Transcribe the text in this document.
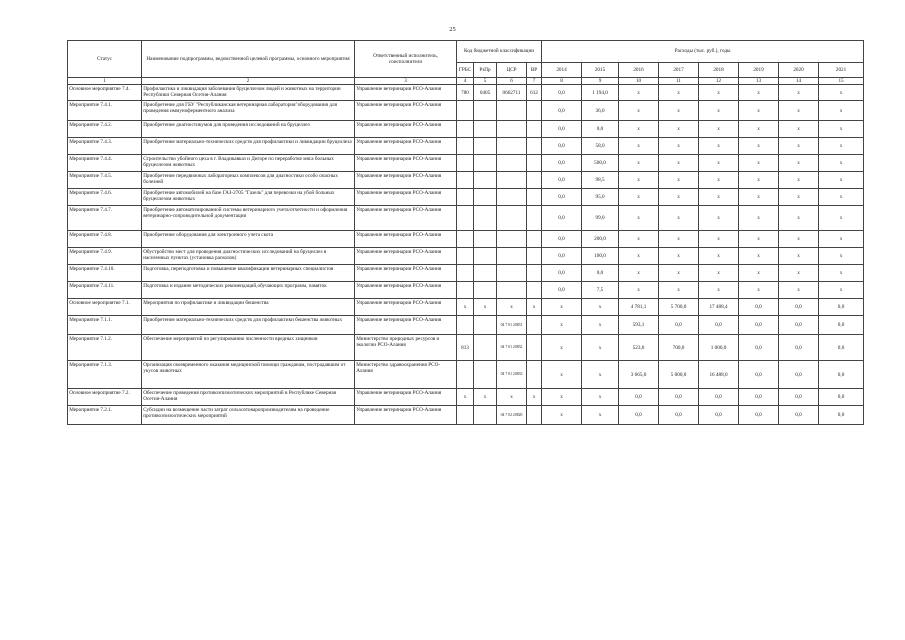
25
Статус	Наименование подпрограммы, ведомственной целевой программы, основного мероприятия	Ответственный исполнитель, соисполнители	Код бюджетной классификации				Расходы (тыс. руб.), годы							
			ГРБС	РзПр	ЦСР	ВР	2014	2015	2016	2017	2018	2019	2020	2021
1	2	3	4	5	6	7	8	9	10	11	12	13	14	15
Основное мероприятие 7.4.	Профилактика и ликвидация заболевания бруцеллезом людей и животных на территории Республики Северная Осетия-Алания	Управление ветеринарии РСО-Алания	780	0405	0662711	612	0,0	1 194,0	х	х	х	х	х	х
Мероприятие 7.4.1.	Приобретение для ГБУ "Республиканская ветеринарная лаборатория"оборудования для проведения иммуноферментного анализа	Управление ветеринарии РСО-Алания					0,0	36,0	х	х	х	х	х	х
Мероприятие 7.4.2.	Приобретение диагностикумов для проведения исследований на бруцеллез	Управление ветеринарии РСО-Алания					0,0	0,0	х	х	х	х	х	х
Мероприятие 7.4.3.	Приобретение материально-технических средств для профилактики и ликвидации бруцеллеза	Управление ветеринарии РСО-Алания					0,0	58,0	х	х	х	х	х	х
Мероприятие 7.4.4.	Строительство убойного цеха в г. Владикавказ и Дигоре по переработке мяса больных бруцеллезом животных	Управление ветеринарии РСО-Алания					0,0	500,0	х	х	х	х	х	х
Мероприятие 7.4.5.	Приобретение передвижных лабораторных комплексов для диагностики особо опасных болезней	Управление ветеринарии РСО-Алания					0,0	98,5	х	х	х	х	х	х
Мероприятие 7.4.6.	Приобретение автомобилей на базе ГАЗ-2705 "Газель" для перевозки на убой больных бруцеллезом животных	Управление ветеринарии РСО-Алания					0,0	95,0	х	х	х	х	х	х
Мероприятие 7.4.7.	Приобретение автоматизированной системы ветеринарного учета/отчетности и оформления ветеринарно-сопроводительной документации	Управление ветеринарии РСО-Алания					0,0	99,0	х	х	х	х	х	х
Мероприятие 7.4.8.	Приобретение оборудования для электронного учета скота	Управление ветеринарии РСО-Алания					0,0	200,0	х	х	х	х	х	х
Мероприятие 7.4.9.	Обустройство мест для проведения диагностических исследований на бруцеллез в населенных пунктах (установка расколов)	Управление ветеринарии РСО-Алания					0,0	100,0	х	х	х	х	х	х
Мероприятие 7.4.10.	Подготовка, переподготовка и повышение квалификации ветеринарных специалистов	Управление ветеринарии РСО-Алания					0,0	0,0	х	х	х	х	х	х
Мероприятие 7.4.11.	Подготовка и издание методических рекомендаций,обучающих программ, памяток	Управление ветеринарии РСО-Алания					0,0	7,5	х	х	х	х	х	х
Основное мероприятие 7.1.	Мероприятия по профилактике и ликвидации бешенства	Управление ветеринарии РСО-Алания	х	х	х	х	х	х	4 781,1	5 700,0	17 488,4	0,0	0,0	0,0
Мероприятие 7.1.1.	Приобретение материально-технических средств для профилактики бешенства животных	Управление ветеринарии РСО-Алания			04 7 01 20831		х	х	593,1	0,0	0,0	0,0	0,0	0,0
Мероприятие 7.1.2.	Обеспечение мероприятий по регулированию численности вредных хищников	Министерство природных ресурсов и экологии РСО-Алания	813		04 7 01 20832		х	х	523,0	700,0	1 000,0	0,0	0,0	0,0
Мероприятие 7.1.3.	Организация своевременного оказания медицинской помощи гражданам, пострадавшим от укусов животных	Министерство здравоохранения РСО-Алания			04 7 01 20833		х	х	3 665,0	5 000,0	16 488,0	0,0	0,0	0,0
Основное мероприятие 7.2.	Обеспечение проведения противоэпизоотических мероприятий в Республике Северная Осетия-Алания	Управление ветеринарии РСО-Алания	х	х	х	х	х	х	0,0	0,0	0,0	0,0	0,0	0,0
Мероприятие 7.2.1.	Субсидии на возмещение части затрат сельхозтоваропроизводителям на проведение противоэпизоотических мероприятий	Управление ветеринарии РСО-Алания			04 7 02 20820		х	х	0,0	0,0	0,0	0,0	0,0	0,0
